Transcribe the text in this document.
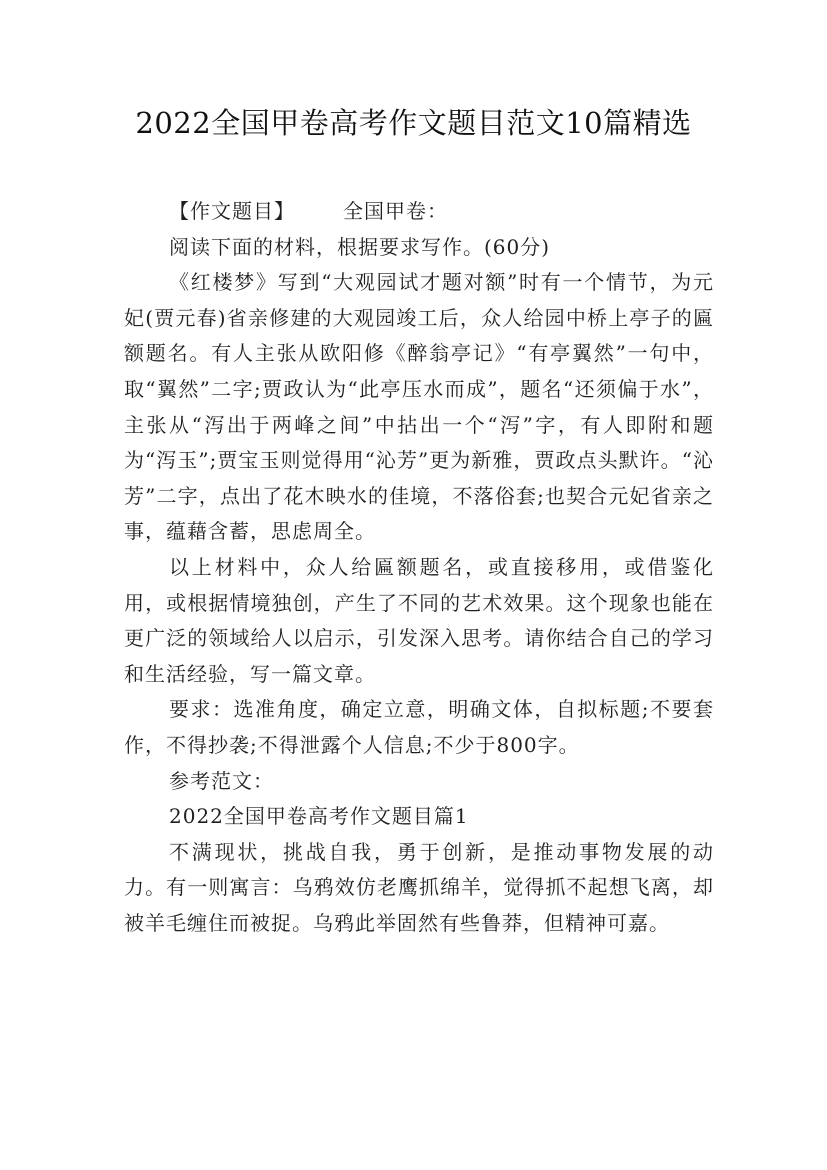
2022全国甲卷高考作文题目范文10篇精选

【作文题目】 全国甲卷：

阅读下面的材料，根据要求写作。(60分)

《红楼梦》写到“大观园试才题对额”时有一个情节，为元妃(贾元春)省亲修建的大观园竣工后，众人给园中桥上亭子的匾额题名。有人主张从欧阳修《醉翁亭记》“有亭翼然”一句中，取“翼然”二字;贾政认为“此亭压水而成”，题名“还须偏于水”，主张从“泻出于两峰之间”中拈出一个“泻”字，有人即附和题为“泻玉”;贾宝玉则觉得用“沁芳”更为新雅，贾政点头默许。“沁芳”二字，点出了花木映水的佳境，不落俗套;也契合元妃省亲之事，蕴藉含蓄，思虑周全。

以上材料中，众人给匾额题名，或直接移用，或借鉴化用，或根据情境独创，产生了不同的艺术效果。这个现象也能在更广泛的领域给人以启示，引发深入思考。请你结合自己的学习和生活经验，写一篇文章。

要求：选准角度，确定立意，明确文体，自拟标题;不要套作，不得抄袭;不得泄露个人信息;不少于800字。

参考范文：

2022全国甲卷高考作文题目篇1

不满现状，挑战自我，勇于创新，是推动事物发展的动力。有一则寓言：乌鸦效仿老鹰抓绵羊，觉得抓不起想飞离，却被羊毛缠住而被捉。乌鸦此举固然有些鲁莽，但精神可嘉。
